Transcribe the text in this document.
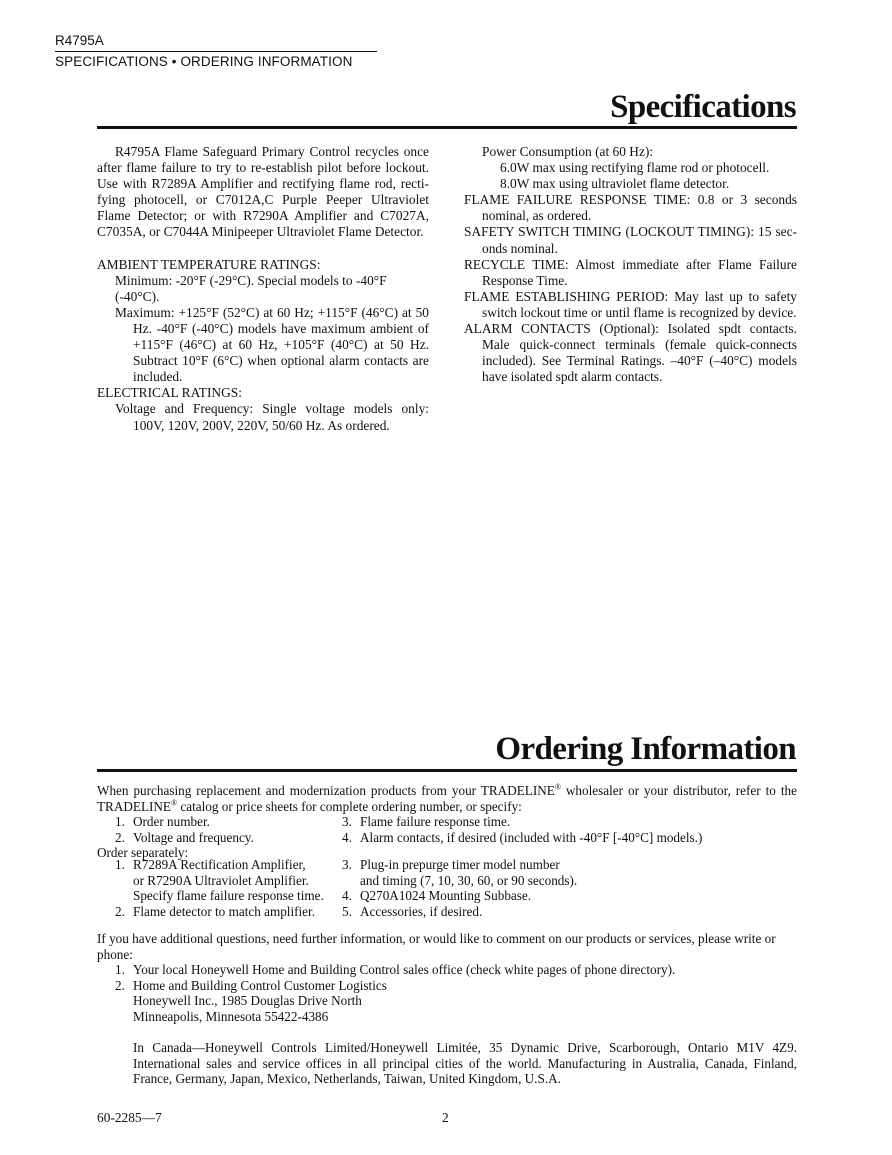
R4795A
SPECIFICATIONS • ORDERING INFORMATION
Specifications

R4795A Flame Safeguard Primary Control recycles once after flame failure to try to re-establish pilot before lockout. Use with R7289A Amplifier and rectifying flame rod, recti-fying photocell, or C7012A,C Purple Peeper Ultraviolet Flame Detector; or with R7290A Amplifier and C7027A, C7035A, or C7044A Minipeeper Ultraviolet Flame Detector.

AMBIENT TEMPERATURE RATINGS:

Minimum: -20°F (-29°C). Special models to -40°F (-40°C).

Maximum: +125°F (52°C) at 60 Hz; +115°F (46°C) at 50 Hz. -40°F (-40°C) models have maximum ambient of +115°F (46°C) at 60 Hz, +105°F (40°C) at 50 Hz. Subtract 10°F (6°C) when optional alarm contacts are included.

ELECTRICAL RATINGS:

Voltage and Frequency: Single voltage models only: 100V, 120V, 200V, 220V, 50/60 Hz. As ordered.

Power Consumption (at 60 Hz):

6.0W max using rectifying flame rod or photocell.

8.0W max using ultraviolet flame detector.

FLAME FAILURE RESPONSE TIME: 0.8 or 3 seconds nominal, as ordered.

SAFETY SWITCH TIMING (LOCKOUT TIMING): 15 sec-onds nominal.

RECYCLE TIME: Almost immediate after Flame Failure Response Time.

FLAME ESTABLISHING PERIOD: May last up to safety switch lockout time or until flame is recognized by device.

ALARM CONTACTS (Optional): Isolated spdt contacts. Male quick-connect terminals (female quick-connects included). See Terminal Ratings. –40°F (–40°C) models have isolated spdt alarm contacts.

Ordering Information
When purchasing replacement and modernization products from your TRADELINE® wholesaler or your distributor, refer to the TRADELINE® catalog or price sheets for complete ordering number, or specify:
1. Order number.
2. Voltage and frequency.
3. Flame failure response time.
4. Alarm contacts, if desired (included with -40°F [-40°C] models.)
Order separately:
1. R7289A Rectification Amplifier,
or R7290A Ultraviolet Amplifier.
Specify flame failure response time.
2. Flame detector to match amplifier.
3. Plug-in prepurge timer model number
and timing (7, 10, 30, 60, or 90 seconds).
4. Q270A1024 Mounting Subbase.
5. Accessories, if desired.
If you have additional questions, need further information, or would like to comment on our products or services, please write or phone:
1. Your local Honeywell Home and Building Control sales office (check white pages of phone directory).
2. Home and Building Control Customer Logistics
Honeywell Inc., 1985 Douglas Drive North
Minneapolis, Minnesota 55422-4386
In Canada—Honeywell Controls Limited/Honeywell Limitée, 35 Dynamic Drive, Scarborough, Ontario M1V 4Z9. International sales and service offices in all principal cities of the world. Manufacturing in Australia, Canada, Finland, France, Germany, Japan, Mexico, Netherlands, Taiwan, United Kingdom, U.S.A.
60-2285—7	2
